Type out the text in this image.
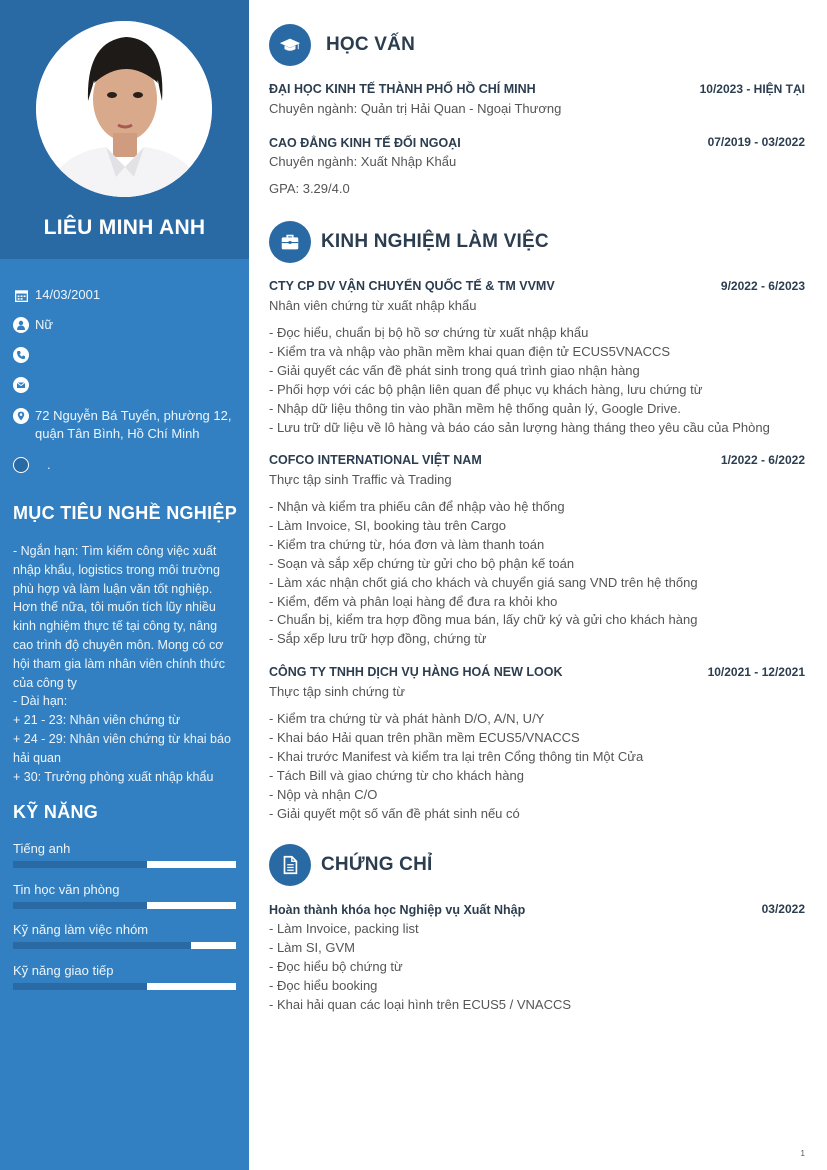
LIÊU MINH ANH
14/03/2001
Nữ
72 Nguyễn Bá Tuyển, phường 12, quận Tân Bình, Hồ Chí Minh
.
MỤC TIÊU NGHỀ NGHIỆP
- Ngắn hạn: Tìm kiếm công việc xuất nhập khẩu, logistics trong môi trường phù hợp và làm luận văn tốt nghiệp. Hơn thế nữa, tôi muốn tích lũy nhiều kinh nghiệm thực tế tại công ty, nâng cao trình độ chuyên môn. Mong có cơ hội tham gia làm nhân viên chính thức của công ty
- Dài hạn:
+ 21 - 23: Nhân viên chứng từ
+ 24 - 29: Nhân viên chứng từ khai báo hải quan
+ 30: Trưởng phòng xuất nhập khẩu
KỸ NĂNG
Tiếng anh
Tin học văn phòng
Kỹ năng làm việc nhóm
Kỹ năng giao tiếp
HỌC VẤN
ĐẠI HỌC KINH TẾ THÀNH PHỐ HỒ CHÍ MINH	10/2023 - HIỆN TẠI
Chuyên ngành: Quản trị Hải Quan - Ngoại Thương
CAO ĐẲNG KINH TẾ ĐỐI NGOẠI	07/2019 - 03/2022
Chuyên ngành: Xuất Nhập Khẩu
GPA: 3.29/4.0
KINH NGHIỆM LÀM VIỆC
CTY CP DV VẬN CHUYỂN QUỐC TẾ & TM VVMV	9/2022 - 6/2023
Nhân viên chứng từ xuất nhập khẩu
- Đọc hiểu, chuẩn bị bộ hồ sơ chứng từ xuất nhập khẩu
- Kiểm tra và nhập vào phần mềm khai quan điện tử ECUS5VNACCS
- Giải quyết các vấn đề phát sinh trong quá trình giao nhận hàng
- Phối hợp với các bộ phận liên quan để phục vụ khách hàng, lưu chứng từ
- Nhập dữ liệu thông tin vào phần mềm hệ thống quản lý, Google Drive.
- Lưu trữ dữ liệu về lô hàng và báo cáo sản lượng hàng tháng theo yêu cầu của Phòng
COFCO INTERNATIONAL VIỆT NAM	1/2022 - 6/2022
Thực tập sinh Traffic và Trading
- Nhận và kiểm tra phiếu cân để nhập vào hệ thống
- Làm Invoice, SI, booking tàu trên Cargo
- Kiểm tra chứng từ, hóa đơn và làm thanh toán
- Soạn và sắp xếp chứng từ gửi cho bộ phận kế toán
- Làm xác nhận chốt giá cho khách và chuyển giá sang VND trên hệ thống
- Kiểm, đếm và phân loại hàng để đưa ra khỏi kho
- Chuẩn bị, kiểm tra hợp đồng mua bán, lấy chữ ký và gửi cho khách hàng
- Sắp xếp lưu trữ hợp đồng, chứng từ
CÔNG TY TNHH DỊCH VỤ HÀNG HOÁ NEW LOOK	10/2021 - 12/2021
Thực tập sinh chứng từ
- Kiểm tra chứng từ và phát hành D/O, A/N, U/Y
- Khai báo Hải quan trên phần mềm ECUS5/VNACCS
- Khai trước Manifest và kiểm tra lại trên Cổng thông tin Một Cửa
- Tách Bill và giao chứng từ cho khách hàng
- Nộp và nhận C/O
- Giải quyết một số vấn đề phát sinh nếu có
CHỨNG CHỈ
Hoàn thành khóa học Nghiệp vụ Xuất Nhập	03/2022
- Làm Invoice, packing list
- Làm SI, GVM
- Đọc hiểu bộ chứng từ
- Đọc hiểu booking
- Khai hải quan các loại hình trên ECUS5 / VNACCS
1
